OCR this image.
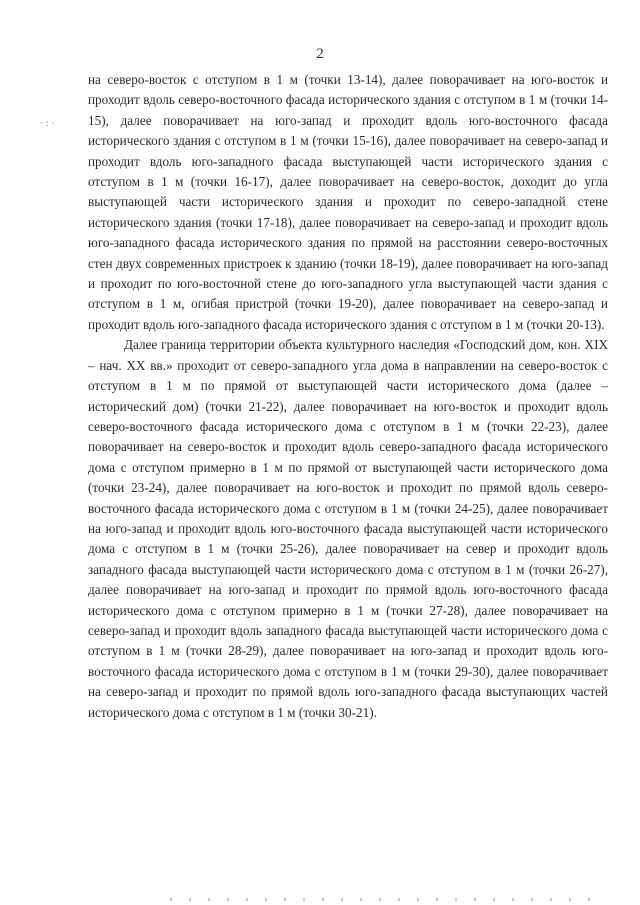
2
·:·

на северо-восток с отступом в 1 м (точки 13-14), далее поворачивает на юго-восток и проходит вдоль северо-восточного фасада исторического здания с отступом в 1 м (точки 14-15), далее поворачивает на юго-запад и проходит вдоль юго-восточного фасада исторического здания с отступом в 1 м (точки 15-16), далее поворачивает на северо-запад и проходит вдоль юго-западного фасада выступающей части исторического здания с отступом в 1 м (точки 16-17), далее поворачивает на северо-восток, доходит до угла выступающей части исторического здания и проходит по северо-западной стене исторического здания (точки 17-18), далее поворачивает на северо-запад и проходит вдоль юго-западного фасада исторического здания по прямой на расстоянии северо-восточных стен двух современных пристроек к зданию (точки 18-19), далее поворачивает на юго-запад и проходит по юго-восточной стене до юго-западного угла выступающей части здания с отступом в 1 м, огибая пристрой (точки 19-20), далее поворачивает на северо-запад и проходит вдоль юго-западного фасада исторического здания с отступом в 1 м (точки 20-13).

Далее граница территории объекта культурного наследия «Господский дом, кон. XIX – нач. XX вв.» проходит от северо-западного угла дома в направлении на северо-восток с отступом в 1 м по прямой от выступающей части исторического дома (далее – исторический дом) (точки 21-22), далее поворачивает на юго-восток и проходит вдоль северо-восточного фасада исторического дома с отступом в 1 м (точки 22-23), далее поворачивает на северо-восток и проходит вдоль северо-западного фасада исторического дома с отступом примерно в 1 м по прямой от выступающей части исторического дома (точки 23-24), далее поворачивает на юго-восток и проходит по прямой вдоль северо-восточного фасада исторического дома с отступом в 1 м (точки 24-25), далее поворачивает на юго-запад и проходит вдоль юго-восточного фасада выступающей части исторического дома с отступом в 1 м (точки 25-26), далее поворачивает на север и проходит вдоль западного фасада выступающей части исторического дома с отступом в 1 м (точки 26-27), далее поворачивает на юго-запад и проходит по прямой вдоль юго-восточного фасада исторического дома с отступом примерно в 1 м (точки 27-28), далее поворачивает на северо-запад и проходит вдоль западного фасада выступающей части исторического дома с отступом в 1 м (точки 28-29), далее поворачивает на юго-запад и проходит вдоль юго-восточного фасада исторического дома с отступом в 1 м (точки 29-30), далее поворачивает на северо-запад и проходит по прямой вдоль юго-западного фасада выступающих частей исторического дома с отступом в 1 м (точки 30-21).
